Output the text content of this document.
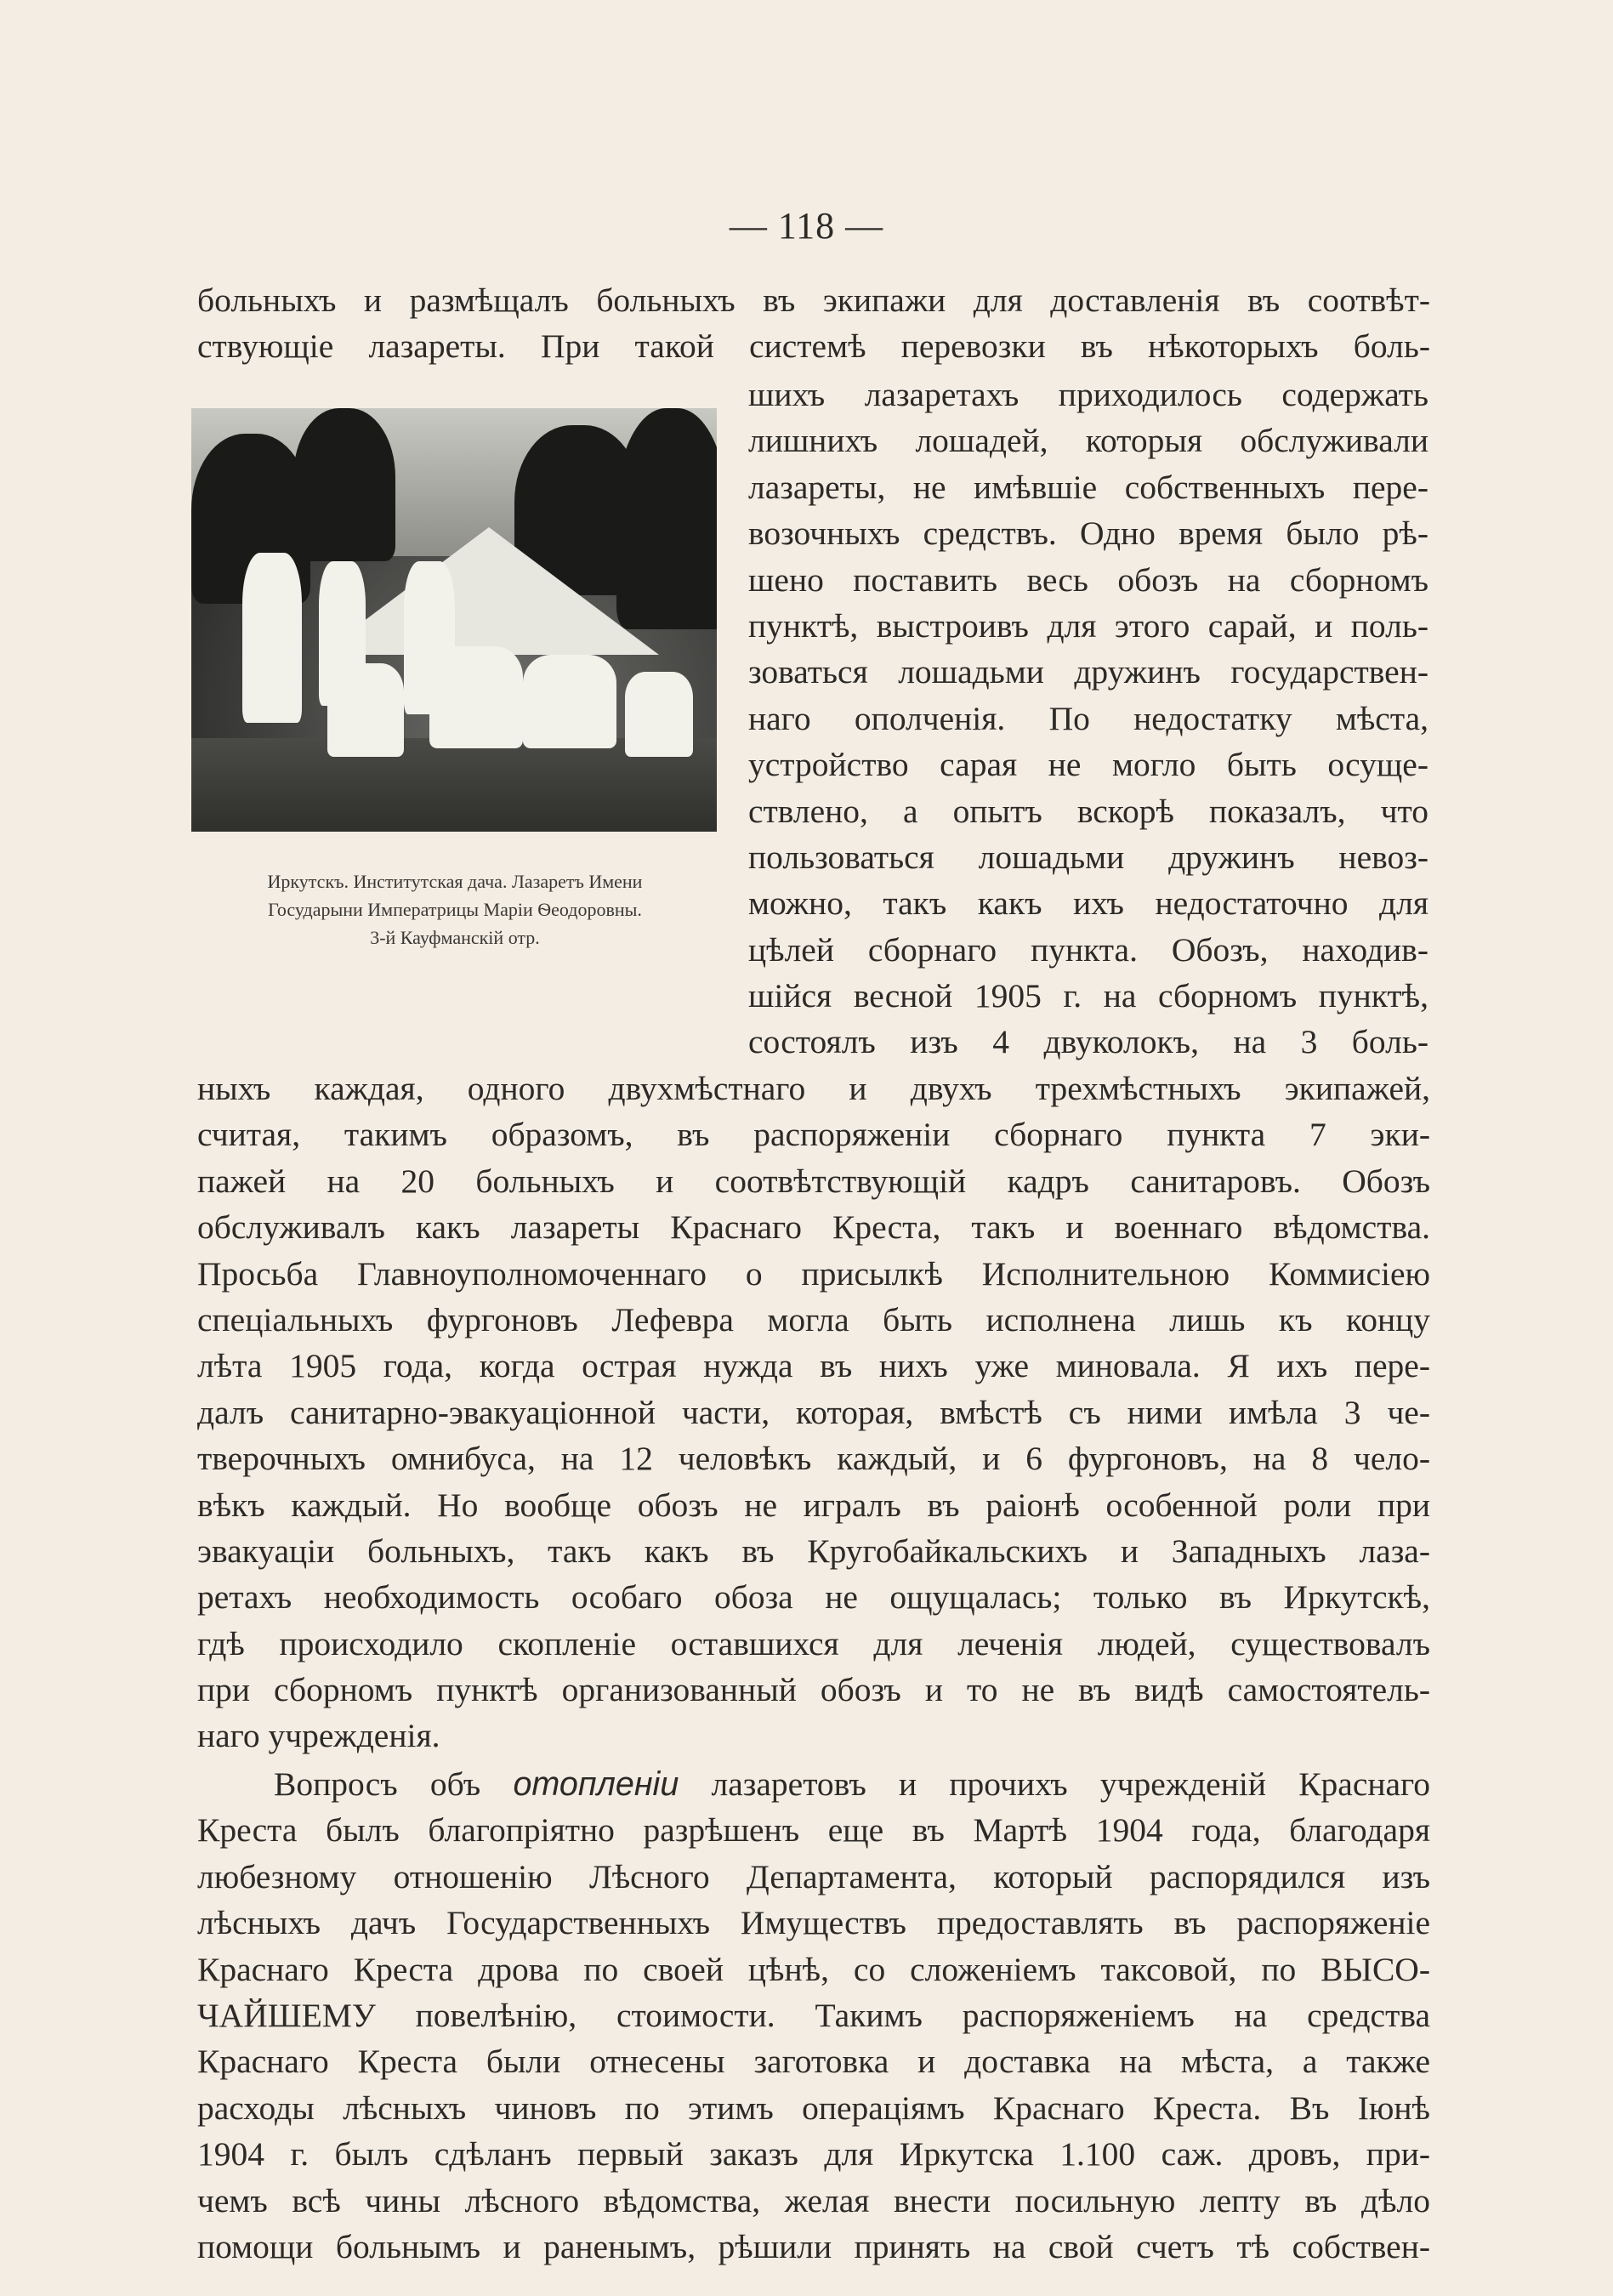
— 118 —
больныхъ и размѣщалъ больныхъ въ экипажи для доставленія въ соотвѣт-
ствующіе лазареты. При такой системѣ перевозки въ нѣкоторыхъ боль-
Иркутскъ. Институтская дача. Лазаретъ Имени
Государыни Императрицы Маріи Ѳеодоровны.
3-й Кауфманскій отр.
шихъ лазаретахъ приходилось содержать
лишнихъ лошадей, которыя обслуживали
лазареты, не имѣвшіе собственныхъ пере-
возочныхъ средствъ. Одно время было рѣ-
шено поставить весь обозъ на сборномъ
пунктѣ, выстроивъ для этого сарай, и поль-
зоваться лошадьми дружинъ государствен-
наго ополченія. По недостатку мѣста,
устройство сарая не могло быть осуще-
ствлено, а опытъ вскорѣ показалъ, что
пользоваться лошадьми дружинъ невоз-
можно, такъ какъ ихъ недостаточно для
цѣлей сборнаго пункта. Обозъ, находив-
шійся весной 1905 г. на сборномъ пунктѣ,
состоялъ изъ 4 двуколокъ, на 3 боль-
ныхъ каждая, одного двухмѣстнаго и двухъ трехмѣстныхъ экипажей,
считая, такимъ образомъ, въ распоряженіи сборнаго пункта 7 эки-
пажей на 20 больныхъ и соотвѣтствующій кадръ санитаровъ. Обозъ
обслуживалъ какъ лазареты Краснаго Креста, такъ и военнаго вѣдомства.
Просьба Главноуполномоченнаго о присылкѣ Исполнительною Коммисіею
спеціальныхъ фургоновъ Лефевра могла быть исполнена лишь къ концу
лѣта 1905 года, когда острая нужда въ нихъ уже миновала. Я ихъ пере-
далъ санитарно-эвакуаціонной части, которая, вмѣстѣ съ ними имѣла 3 че-
тверочныхъ омнибуса, на 12 человѣкъ каждый, и 6 фургоновъ, на 8 чело-
вѣкъ каждый. Но вообще обозъ не игралъ въ раіонѣ особенной роли при
эвакуаціи больныхъ, такъ какъ въ Кругобайкальскихъ и Западныхъ лаза-
ретахъ необходимость особаго обоза не ощущалась; только въ Иркутскѣ,
гдѣ происходило скопленіе оставшихся для леченія людей, существовалъ
при сборномъ пунктѣ организованный обозъ и то не въ видѣ самостоятель-
наго учрежденія.
Вопросъ объ отопленіи лазаретовъ и прочихъ учрежденій Краснаго
Креста былъ благопріятно разрѣшенъ еще въ Мартѣ 1904 года, благодаря
любезному отношенію Лѣсного Департамента, который распорядился изъ
лѣсныхъ дачъ Государственныхъ Имуществъ предоставлять въ распоряженіе
Краснаго Креста дрова по своей цѣнѣ, со сложеніемъ таксовой, по ВЫСО-
ЧАЙШЕМУ повелѣнію, стоимости. Такимъ распоряженіемъ на средства
Краснаго Креста были отнесены заготовка и доставка на мѣста, а также
расходы лѣсныхъ чиновъ по этимъ операціямъ Краснаго Креста. Въ Іюнѣ
1904 г. былъ сдѣланъ первый заказъ для Иркутска 1.100 саж. дровъ, при-
чемъ всѣ чины лѣсного вѣдомства, желая внести посильную лепту въ дѣло
помощи больнымъ и раненымъ, рѣшили принять на свой счетъ тѣ собствен-
